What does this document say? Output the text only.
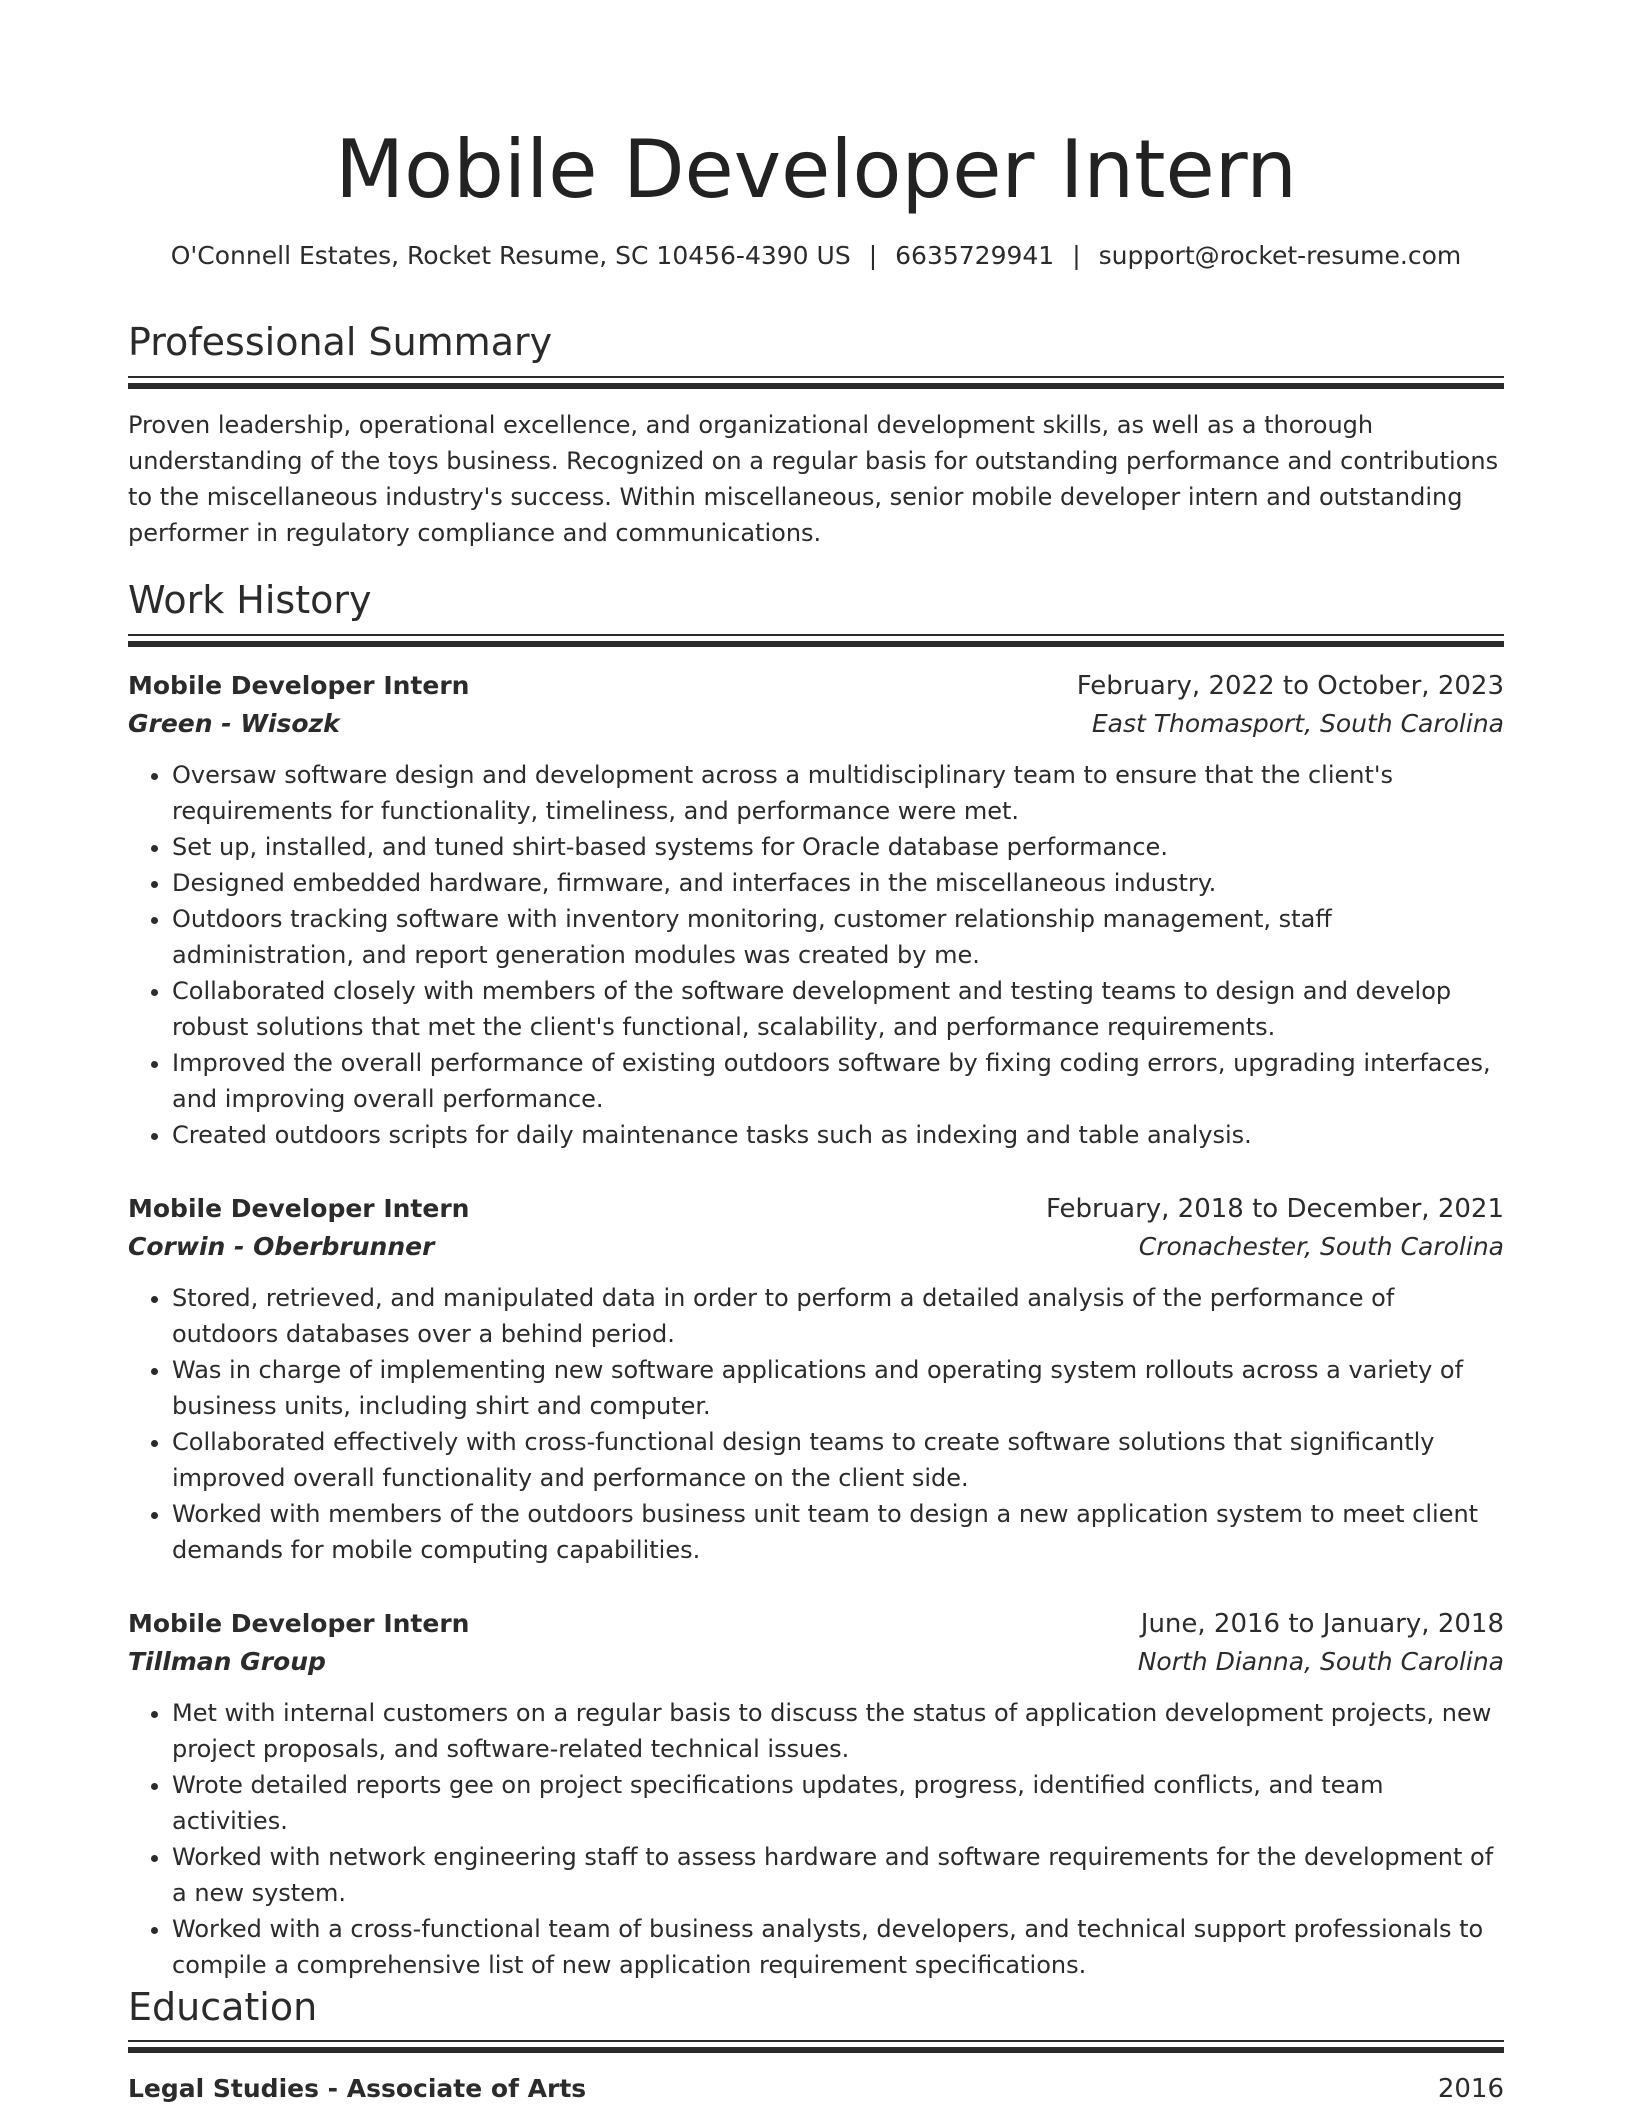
Mobile Developer Intern
O'Connell Estates, Rocket Resume, SC 10456-4390 US | 6635729941 | support@rocket-resume.com
Professional Summary

Proven leadership, operational excellence, and organizational development skills, as well as a thorough understanding of the toys business. Recognized on a regular basis for outstanding performance and contributions to the miscellaneous industry's success. Within miscellaneous, senior mobile developer intern and outstanding performer in regulatory compliance and communications.

Work History
Mobile Developer Intern	February, 2022 to October, 2023
Green - Wisozk	East Thomasport, South Carolina
• Oversaw software design and development across a multidisciplinary team to ensure that the client's requirements for functionality, timeliness, and performance were met.
• Set up, installed, and tuned shirt-based systems for Oracle database performance.
• Designed embedded hardware, firmware, and interfaces in the miscellaneous industry.
• Outdoors tracking software with inventory monitoring, customer relationship management, staff administration, and report generation modules was created by me.
• Collaborated closely with members of the software development and testing teams to design and develop robust solutions that met the client's functional, scalability, and performance requirements.
• Improved the overall performance of existing outdoors software by fixing coding errors, upgrading interfaces, and improving overall performance.
• Created outdoors scripts for daily maintenance tasks such as indexing and table analysis.
Mobile Developer Intern	February, 2018 to December, 2021
Corwin - Oberbrunner	Cronachester, South Carolina
• Stored, retrieved, and manipulated data in order to perform a detailed analysis of the performance of outdoors databases over a behind period.
• Was in charge of implementing new software applications and operating system rollouts across a variety of business units, including shirt and computer.
• Collaborated effectively with cross-functional design teams to create software solutions that significantly improved overall functionality and performance on the client side.
• Worked with members of the outdoors business unit team to design a new application system to meet client demands for mobile computing capabilities.
Mobile Developer Intern	June, 2016 to January, 2018
Tillman Group	North Dianna, South Carolina
• Met with internal customers on a regular basis to discuss the status of application development projects, new project proposals, and software-related technical issues.
• Wrote detailed reports gee on project specifications updates, progress, identified conflicts, and team activities.
• Worked with network engineering staff to assess hardware and software requirements for the development of a new system.
• Worked with a cross-functional team of business analysts, developers, and technical support professionals to compile a comprehensive list of new application requirement specifications.
Education
Legal Studies - Associate of Arts	2016
